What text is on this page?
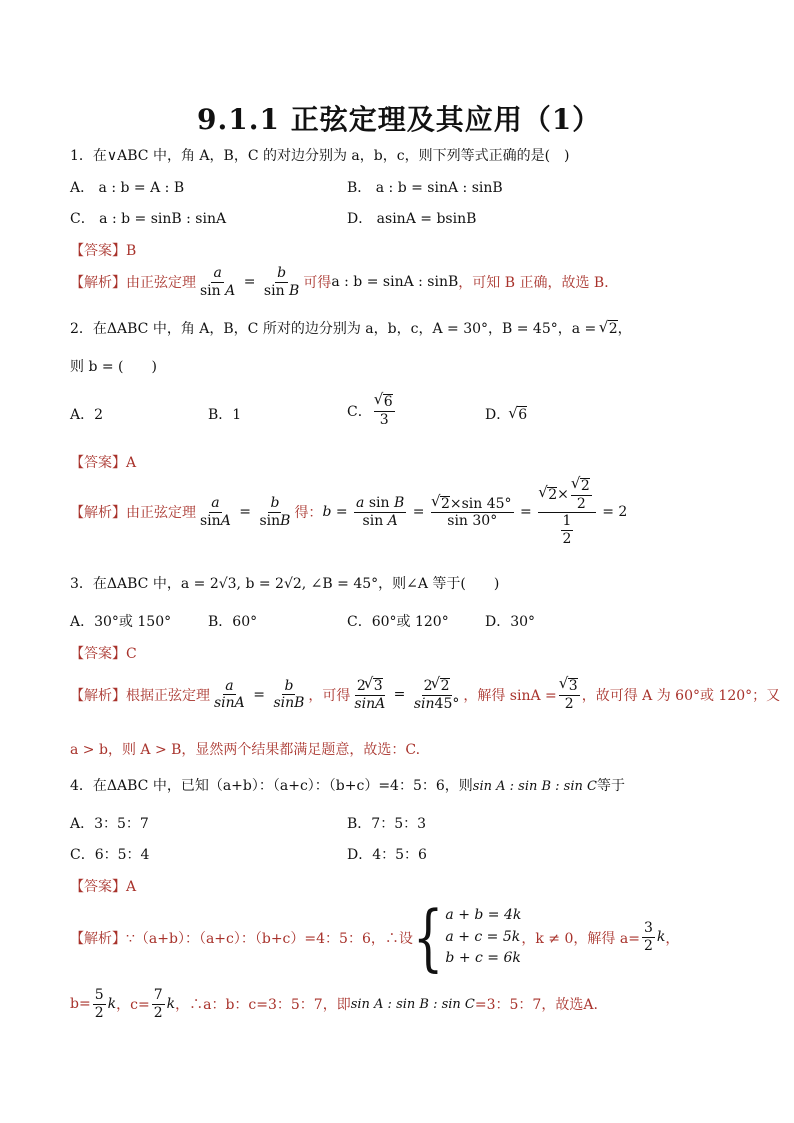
9.1.1 正弦定理及其应用（1）
1．在∨ABC 中，角 A，B，C 的对边分别为 a，b，c，则下列等式正确的是(　)
A． a : b = A : B	B． a : b = sinA : sinB
C． a : b = sinB : sinA	D． asinA = bsinB
【答案】B
【解析】 由正弦定理 $\frac{a}{\text{sin A}} = \frac{b}{\text{sin B}}$ 可得 a : b = sinA : sinB ，可知 B 正确，故选 B．
2．在ΔABC 中，角 A，B，C 所对的边分别为 a，b，c，A = 30°，B = 45°，a = √ 2，
则 b = (　　)
A．2	B．1	C．
√ $\frac{6}{3}$	D．√ 6
【答案】A
【解析】 由正弦定理 $\frac{a}{\sin A} = \frac{b}{\sin B}$ 得： $b = \frac{\text{a sin B}}{\text{sin A}}$ =
√ $\frac{2\times\sin 45^\circ}{\sin 30^\circ}$ =
√ 2×
√ $\frac{2}{2}$
$\frac{1}{2}$
= 2
3．在ΔABC 中，a = 2√3, b = 2√2, ∠B = 45°，则∠A 等于(　　)
A．30°或 150°	B．60°	C．60°或 120°	D．30°
【答案】C
【解析】 根据正弦定理 $\frac{a}{\sin A} = \frac{b}{\sin B}$ ，可得 $\frac{2√ 3}{\sin A} = \frac{2√ 2}{\sin 45^\circ}$ ，解得 sinA =
√ $\frac{3}{2}$ ，故可得 A 为 60°或 120°；又
a > b，则 A > B，显然两个结果都满足题意，故选：C.
4．在ΔABC 中，已知（a+b）：（a+c）：（b+c）=4：5：6，则sin A : sin B : sin C等于
A．3：5：7	B．7：5：3
C．6：5：4	D．4：5：6
【答案】A
【解析】 ∵（a+b）：（a+c）：（b+c）=4：5：6，∴设 { a + b = 4k
a + c = 5k
b + c = 6k
，k ≠ 0，解得 $a= \frac{3}{2}$ k ，
$b= \frac{5}{2}$ k ，$c= \frac{7}{2}$ k ，∴a：b：c=3：5：7，即 sin A : sin B : sin C =3：5：7，故选A.
